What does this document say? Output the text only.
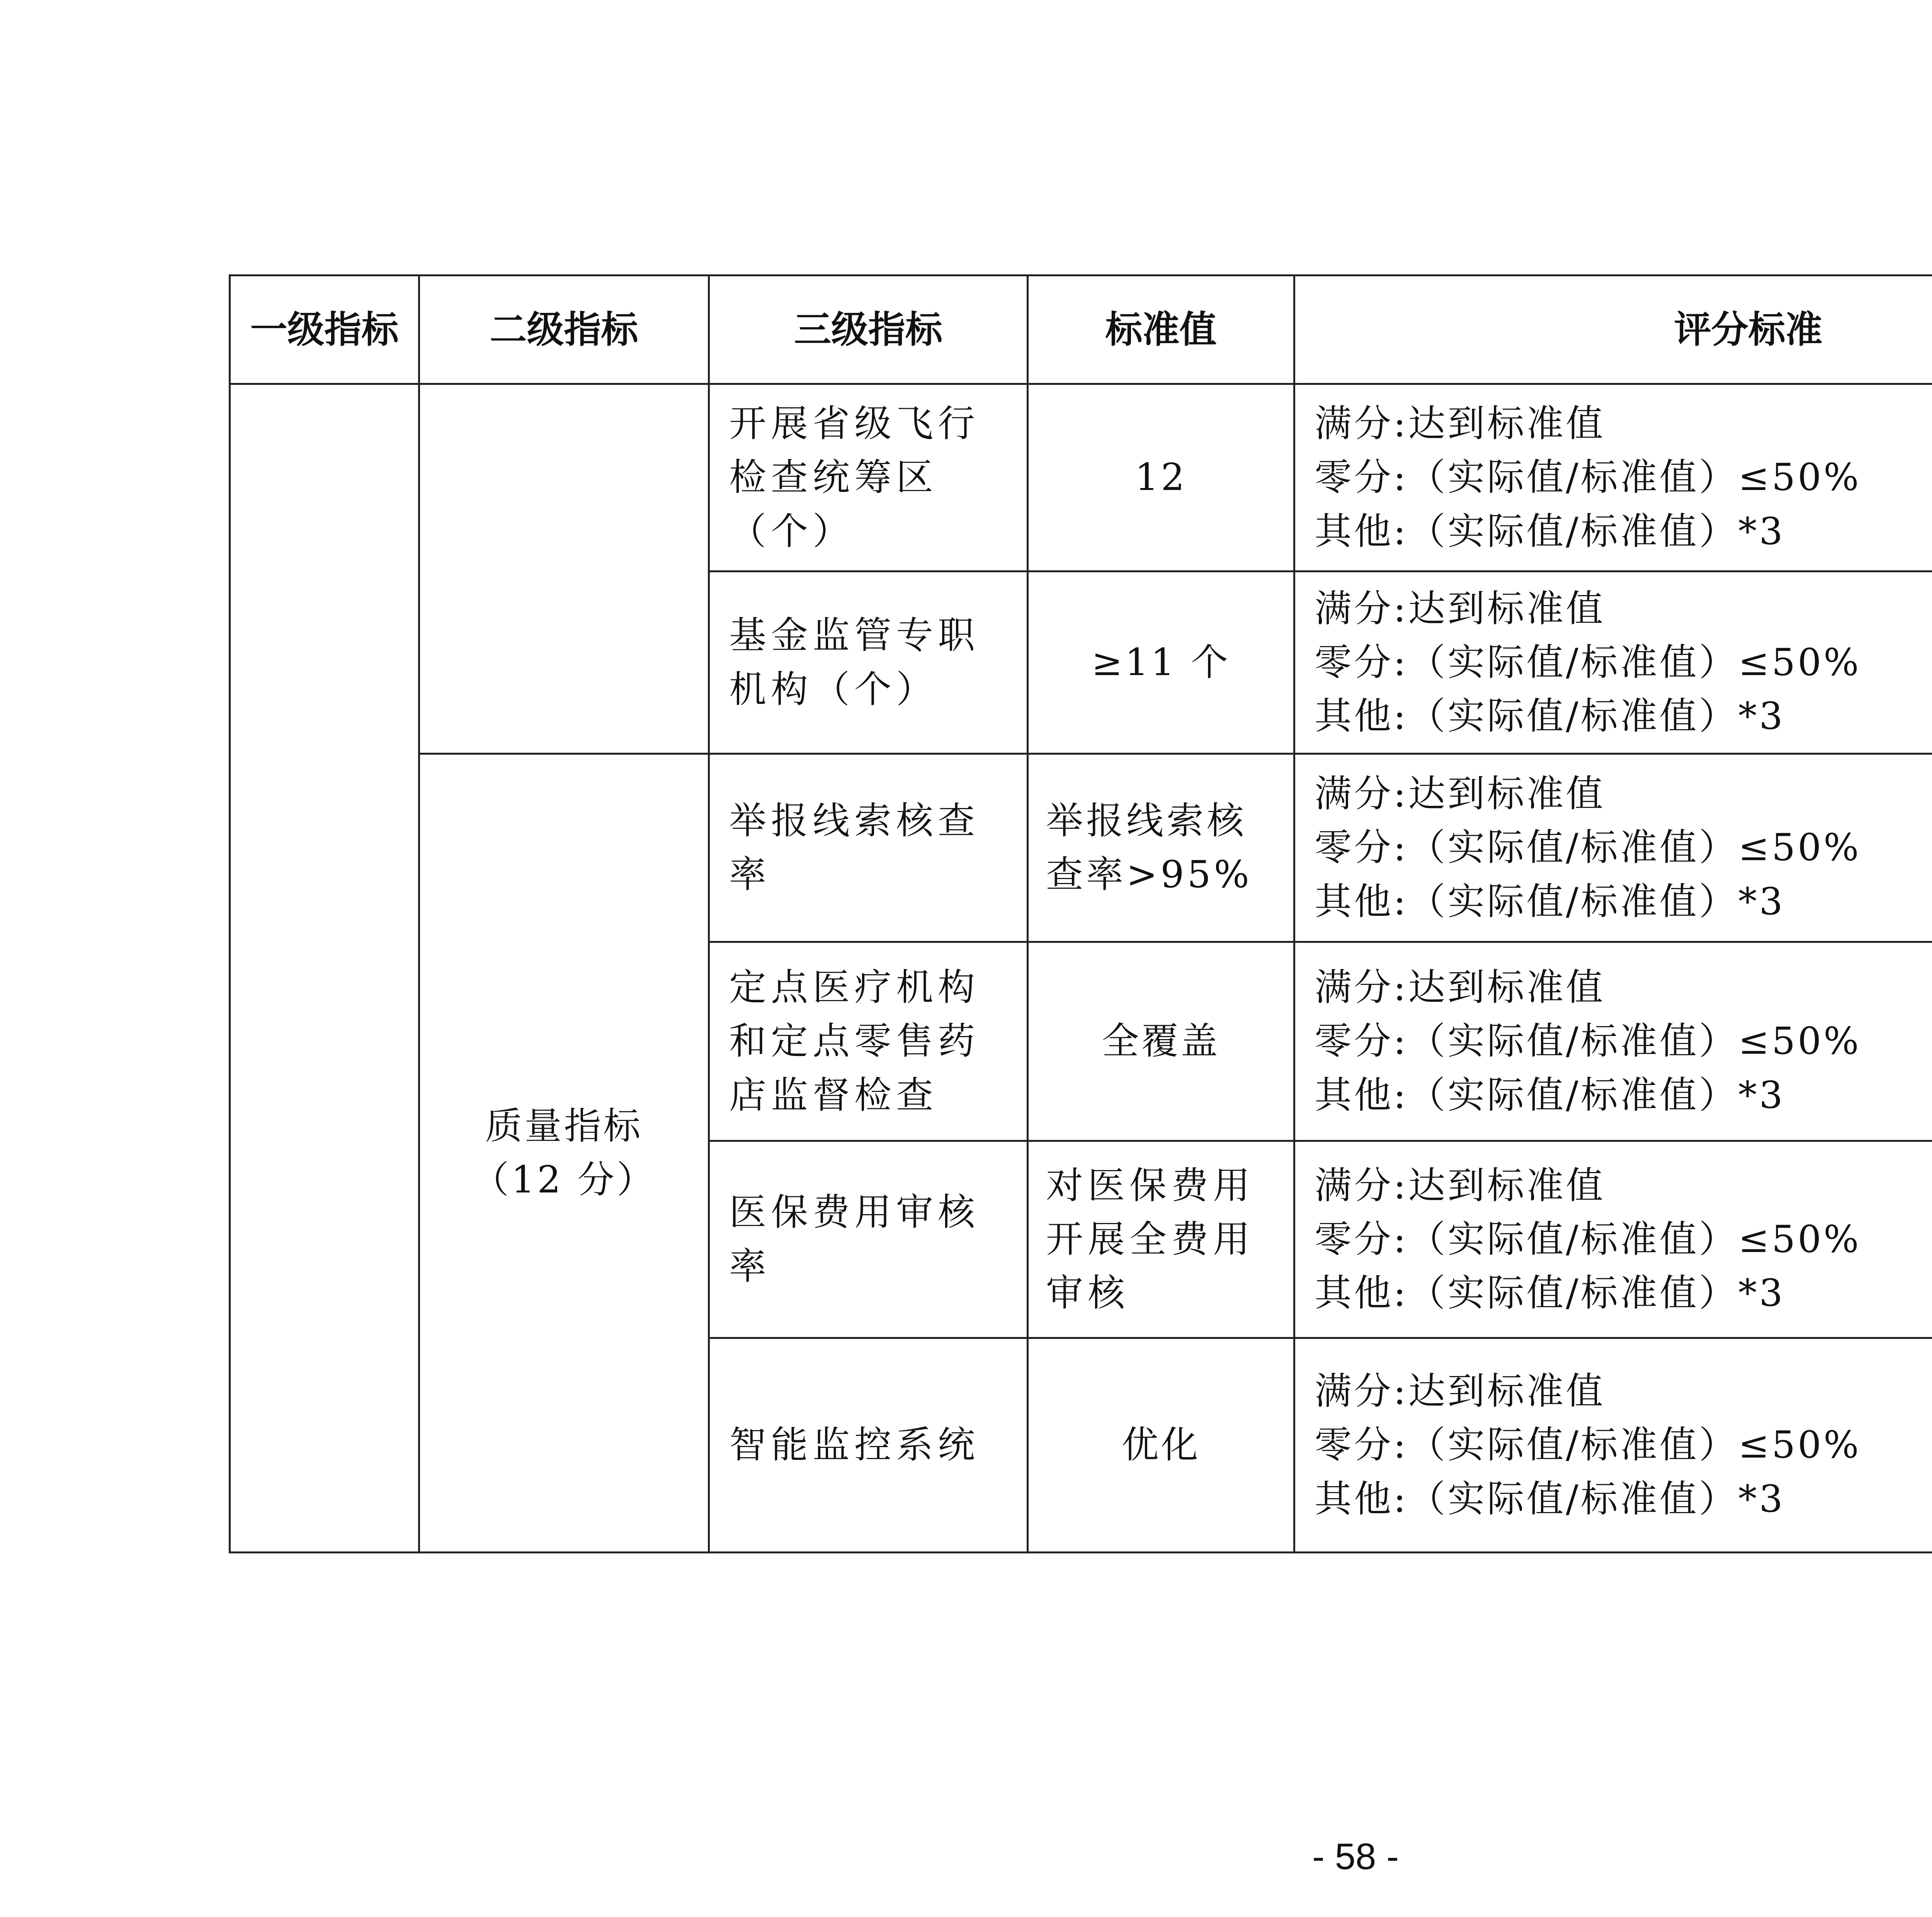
一级指标	二级指标	三级指标	标准值	评分标准		

		开展省级飞行检查统筹区（个）	12	满分:达到标准值
零分:（实际值/标准值）≤50%
其他:（实际值/标准值）*3

		基金监管专职机构（个）	≥11 个	满分:达到标准值
零分:（实际值/标准值）≤50%
其他:（实际值/标准值）*3

	质量指标
（12 分）	举报线索核查率	举报线索核查率>95%	满分:达到标准值
零分:（实际值/标准值）≤50%
其他:（实际值/标准值）*3

		定点医疗机构和定点零售药店监督检查	全覆盖	满分:达到标准值
零分:（实际值/标准值）≤50%
其他:（实际值/标准值）*3

		医保费用审核率	对医保费用开展全费用审核	满分:达到标准值
零分:（实际值/标准值）≤50%
其他:（实际值/标准值）*3

		智能监控系统	优化	满分:达到标准值
零分:（实际值/标准值）≤50%
其他:（实际值/标准值）*3

- 58 -
